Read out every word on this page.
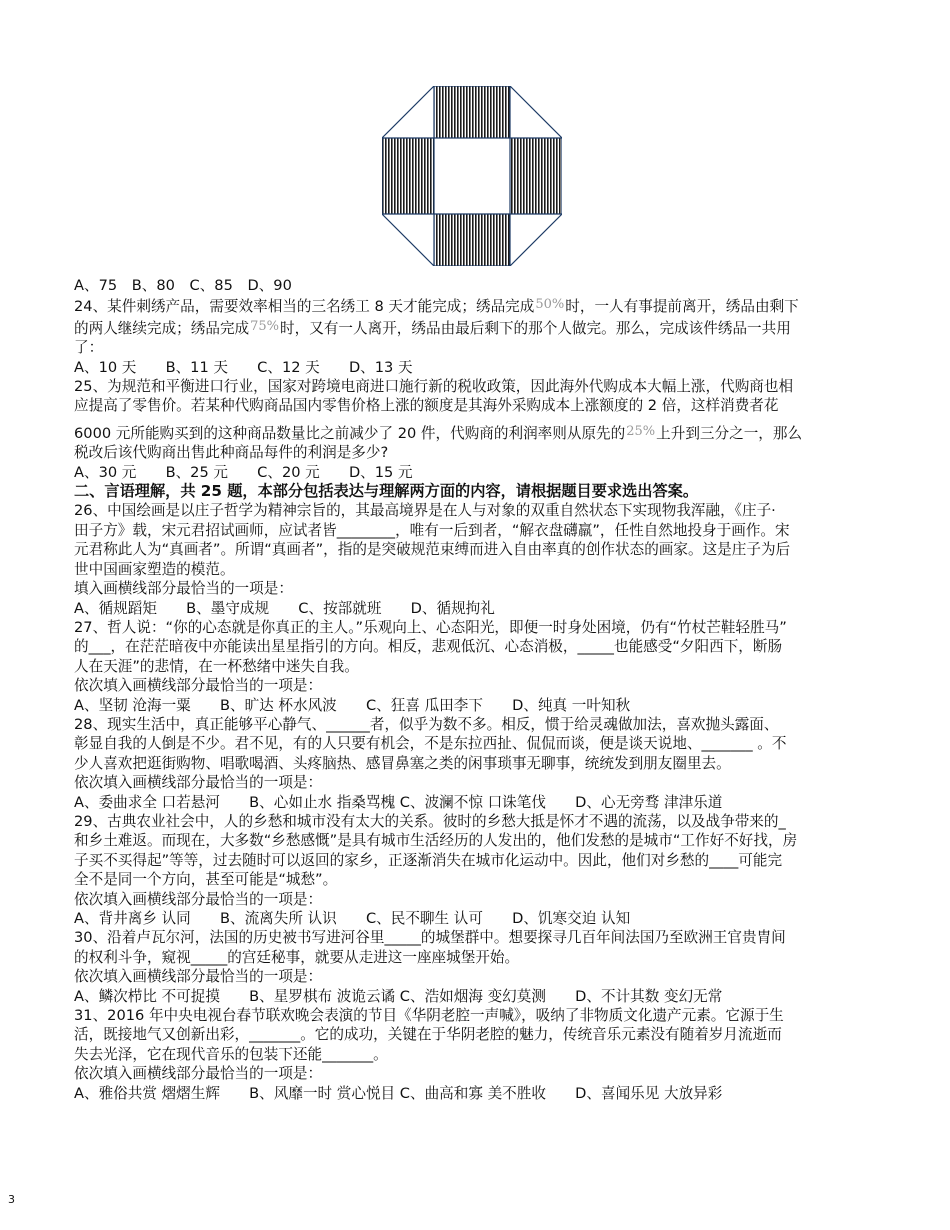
A、75　B、80　C、85　D、90
24、某件刺绣产品，需要效率相当的三名绣工 8 天才能完成；绣品完成50%时，一人有事提前离开，绣品由剩下
的两人继续完成；绣品完成75%时，又有一人离开，绣品由最后剩下的那个人做完。那么，完成该件绣品一共用
了：
A、10 天　　B、11 天　　C、12 天　　D、13 天
25、为规范和平衡进口行业，国家对跨境电商进口施行新的税收政策，因此海外代购成本大幅上涨，代购商也相
应提高了零售价。若某种代购商品国内零售价格上涨的额度是其海外采购成本上涨额度的 2 倍，这样消费者花
6000 元所能购买到的这种商品数量比之前减少了 20 件，代购商的利润率则从原先的25%上升到三分之一，那么
税改后该代购商出售此种商品每件的利润是多少?
A、30 元　　B、25 元　　C、20 元　　D、15 元
二、言语理解，共 25 题，本部分包括表达与理解两方面的内容，请根据题目要求选出答案。
26、中国绘画是以庄子哲学为精神宗旨的，其最高境界是在人与对象的双重自然状态下实现物我浑融，《庄子·
田子方》载，宋元君招试画师，应试者皆________，唯有一后到者，“解衣盘礴羸”，任性自然地投身于画作。宋
元君称此人为“真画者”。所谓“真画者”，指的是突破规范束缚而进入自由率真的创作状态的画家。这是庄子为后
世中国画家塑造的模范。
填入画横线部分最恰当的一项是：
A、循规蹈矩　　B、墨守成规　　C、按部就班　　D、循规拘礼
27、哲人说：“你的心态就是你真正的主人。”乐观向上、心态阳光，即便一时身处困境，仍有“竹杖芒鞋轻胜马”
的___，在茫茫暗夜中亦能读出星星指引的方向。相反，悲观低沉、心态消极，_____也能感受“夕阳西下，断肠
人在天涯”的悲情，在一杯愁绪中迷失自我。
依次填入画横线部分最恰当的一项是：
A、坚韧 沧海一粟　　B、旷达 杯水风波　　C、狂喜 瓜田李下　　D、纯真 一叶知秋
28、现实生活中，真正能够平心静气、______者，似乎为数不多。相反，惯于给灵魂做加法，喜欢抛头露面、
彰显自我的人倒是不少。君不见，有的人只要有机会，不是东拉西扯、侃侃而谈，便是谈天说地、_______ 。不
少人喜欢把逛街购物、唱歌喝酒、头疼脑热、感冒鼻塞之类的闲事琐事无聊事，统统发到朋友圈里去。
依次填入画横线部分最恰当的一项是：
A、委曲求全 口若悬河　　B、心如止水 指桑骂槐 C、波澜不惊 口诛笔伐　　D、心无旁骛 津津乐道
29、古典农业社会中，人的乡愁和城市没有太大的关系。彼时的乡愁大抵是怀才不遇的流荡，以及战争带来的_
和乡土难返。而现在，大多数“乡愁感慨”是具有城市生活经历的人发出的，他们发愁的是城市“工作好不好找，房
子买不买得起”等等，过去随时可以返回的家乡，正逐渐消失在城市化运动中。因此，他们对乡愁的____可能完
全不是同一个方向，甚至可能是“城愁”。
依次填入画横线部分最恰当的一项是：
A、背井离乡 认同　　B、流离失所 认识　　C、民不聊生 认可　　D、饥寒交迫 认知
30、沿着卢瓦尔河，法国的历史被书写进河谷里_____的城堡群中。想要探寻几百年间法国乃至欧洲王官贵胄间
的权利斗争，窥视_____的宫廷秘事，就要从走进这一座座城堡开始。
依次填入画横线部分最恰当的一项是：
A、鳞次栉比 不可捉摸　　B、星罗棋布 波诡云谲 C、浩如烟海 变幻莫测　　D、不计其数 变幻无常
31、2016 年中央电视台春节联欢晚会表演的节目《华阴老腔一声喊》，吸纳了非物质文化遗产元素。它源于生
活，既接地气又创新出彩，_______。它的成功，关键在于华阴老腔的魅力，传统音乐元素没有随着岁月流逝而
失去光泽，它在现代音乐的包装下还能_______。
依次填入画横线部分最恰当的一项是：
A、雅俗共赏 熠熠生辉　　B、风靡一时 赏心悦目 C、曲高和寡 美不胜收　　D、喜闻乐见 大放异彩
3
